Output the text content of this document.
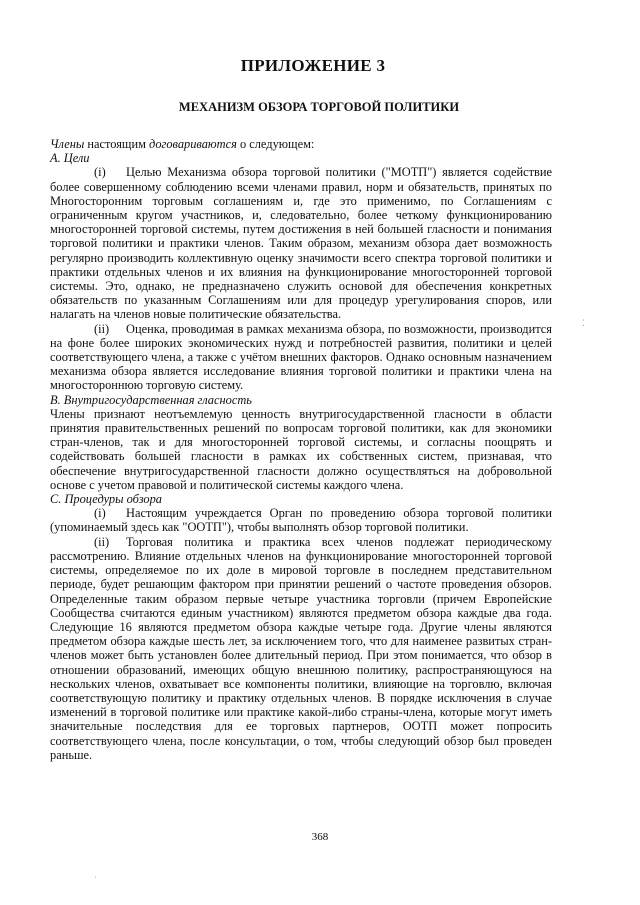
ПРИЛОЖЕНИЕ 3
МЕХАНИЗМ ОБЗОРА ТОРГОВОЙ ПОЛИТИКИ

Члены настоящим договариваются о следующем:

A. Цели

(i) Целью Механизма обзора торговой политики ("МОТП") является содействие более совершенному соблюдению всеми членами правил, норм и обязательств, принятых по Многосторонним торговым соглашениям и, где это применимо, по Соглашениям с ограниченным кругом участников, и, следовательно, более четкому функционированию многосторонней торговой системы, путем достижения в ней большей гласности и понимания торговой политики и практики членов. Таким образом, механизм обзора дает возможность регулярно производить коллективную оценку значимости всего спектра торговой политики и практики отдельных членов и их влияния на функционирование многосторонней торговой системы. Это, однако, не предназначено служить основой для обеспечения конкретных обязательств по указанным Соглашениям или для процедур урегулирования споров, или налагать на членов новые политические обязательства.

(ii) Оценка, проводимая в рамках механизма обзора, по возможности, производится на фоне более широких экономических нужд и потребностей развития, политики и целей соответствующего члена, а также с учётом внешних факторов. Однако основным назначением механизма обзора является исследование влияния торговой политики и практики члена на многостороннюю торговую систему.

B. Внутригосударственная гласность

Члены признают неотъемлемую ценность внутригосударственной гласности в области принятия правительственных решений по вопросам торговой политики, как для экономики стран-членов, так и для многосторонней торговой системы, и согласны поощрять и содействовать большей гласности в рамках их собственных систем, признавая, что обеспечение внутригосударственной гласности должно осуществляться на добровольной основе с учетом правовой и политической системы каждого члена.

C. Процедуры обзора

(i) Настоящим учреждается Орган по проведению обзора торговой политики (упоминаемый здесь как "ООТП"), чтобы выполнять обзор торговой политики.

(ii) Торговая политика и практика всех членов подлежат периодическому рассмотрению. Влияние отдельных членов на функционирование многосторонней торговой системы, определяемое по их доле в мировой торговле в последнем представительном периоде, будет решающим фактором при принятии решений о частоте проведения обзоров. Определенные таким образом первые четыре участника торговли (причем Европейские Сообщества считаются единым участником) являются предметом обзора каждые два года. Следующие 16 являются предметом обзора каждые четыре года. Другие члены являются предметом обзора каждые шесть лет, за исключением того, что для наименее развитых стран-членов может быть установлен более длительный период. При этом понимается, что обзор в отношении образований, имеющих общую внешнюю политику, распространяющуюся на нескольких членов, охватывает все компоненты политики, влияющие на торговлю, включая соответствующую политику и практику отдельных членов. В порядке исключения в случае изменений в торговой политике или практике какой-либо страны-члена, которые могут иметь значительные последствия для ее торговых партнеров, ООТП может попросить соответствующего члена, после консультации, о том, чтобы следующий обзор был проведен раньше.

368
⁚
ˌ
